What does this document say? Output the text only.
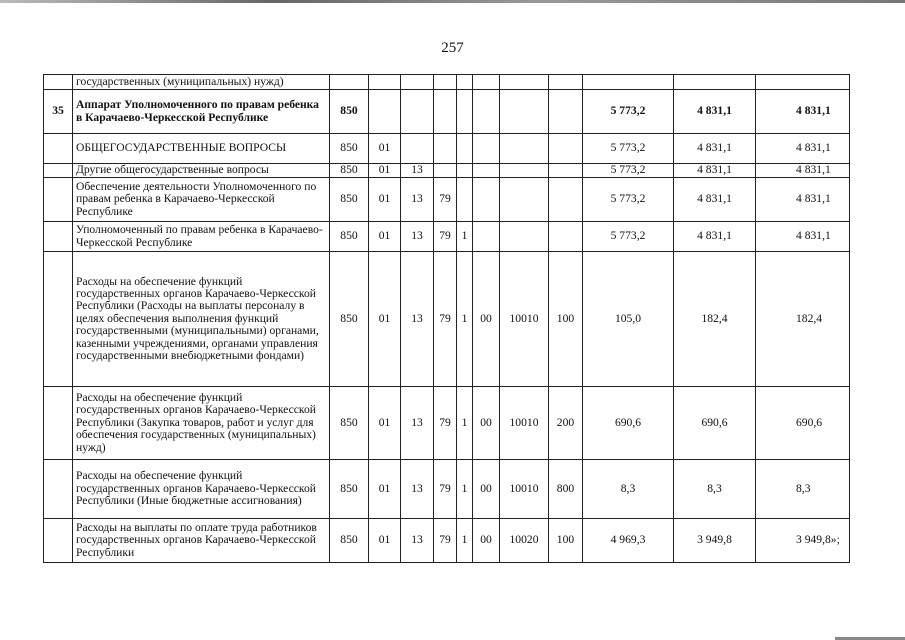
257
	государственных (муниципальных) нужд)											
35	Аппарат Уполномоченного по правам ребенка в Карачаево-Черкесской Республике	850								5 773,2	4 831,1	4 831,1
	ОБЩЕГОСУДАРСТВЕННЫЕ ВОПРОСЫ	850	01							5 773,2	4 831,1	4 831,1
	Другие общегосударственные вопросы	850	01	13						5 773,2	4 831,1	4 831,1
	Обеспечение деятельности Уполномоченного по правам ребенка в Карачаево-Черкесской Республике	850	01	13	79					5 773,2	4 831,1	4 831,1
	Уполномоченный по правам ребенка в Карачаево-Черкесской Республике	850	01	13	79	1				5 773,2	4 831,1	4 831,1
	Расходы на обеспечение функций государственных органов Карачаево-Черкесской Республики (Расходы на выплаты персоналу в целях обеспечения выполнения функций государственными (муниципальными) органами, казенными учреждениями, органами управления государственными внебюджетными фондами)	850	01	13	79	1	00	10010	100	105,0	182,4	182,4
	Расходы на обеспечение функций государственных органов Карачаево-Черкесской Республики (Закупка товаров, работ и услуг для обеспечения государственных (муниципальных) нужд)	850	01	13	79	1	00	10010	200	690,6	690,6	690,6
	Расходы на обеспечение функций государственных органов Карачаево-Черкесской Республики (Иные бюджетные ассигнования)	850	01	13	79	1	00	10010	800	8,3	8,3	8,3
	Расходы на выплаты по оплате труда работников государственных органов Карачаево-Черкесской Республики	850	01	13	79	1	00	10020	100	4 969,3	3 949,8	3 949,8»;
